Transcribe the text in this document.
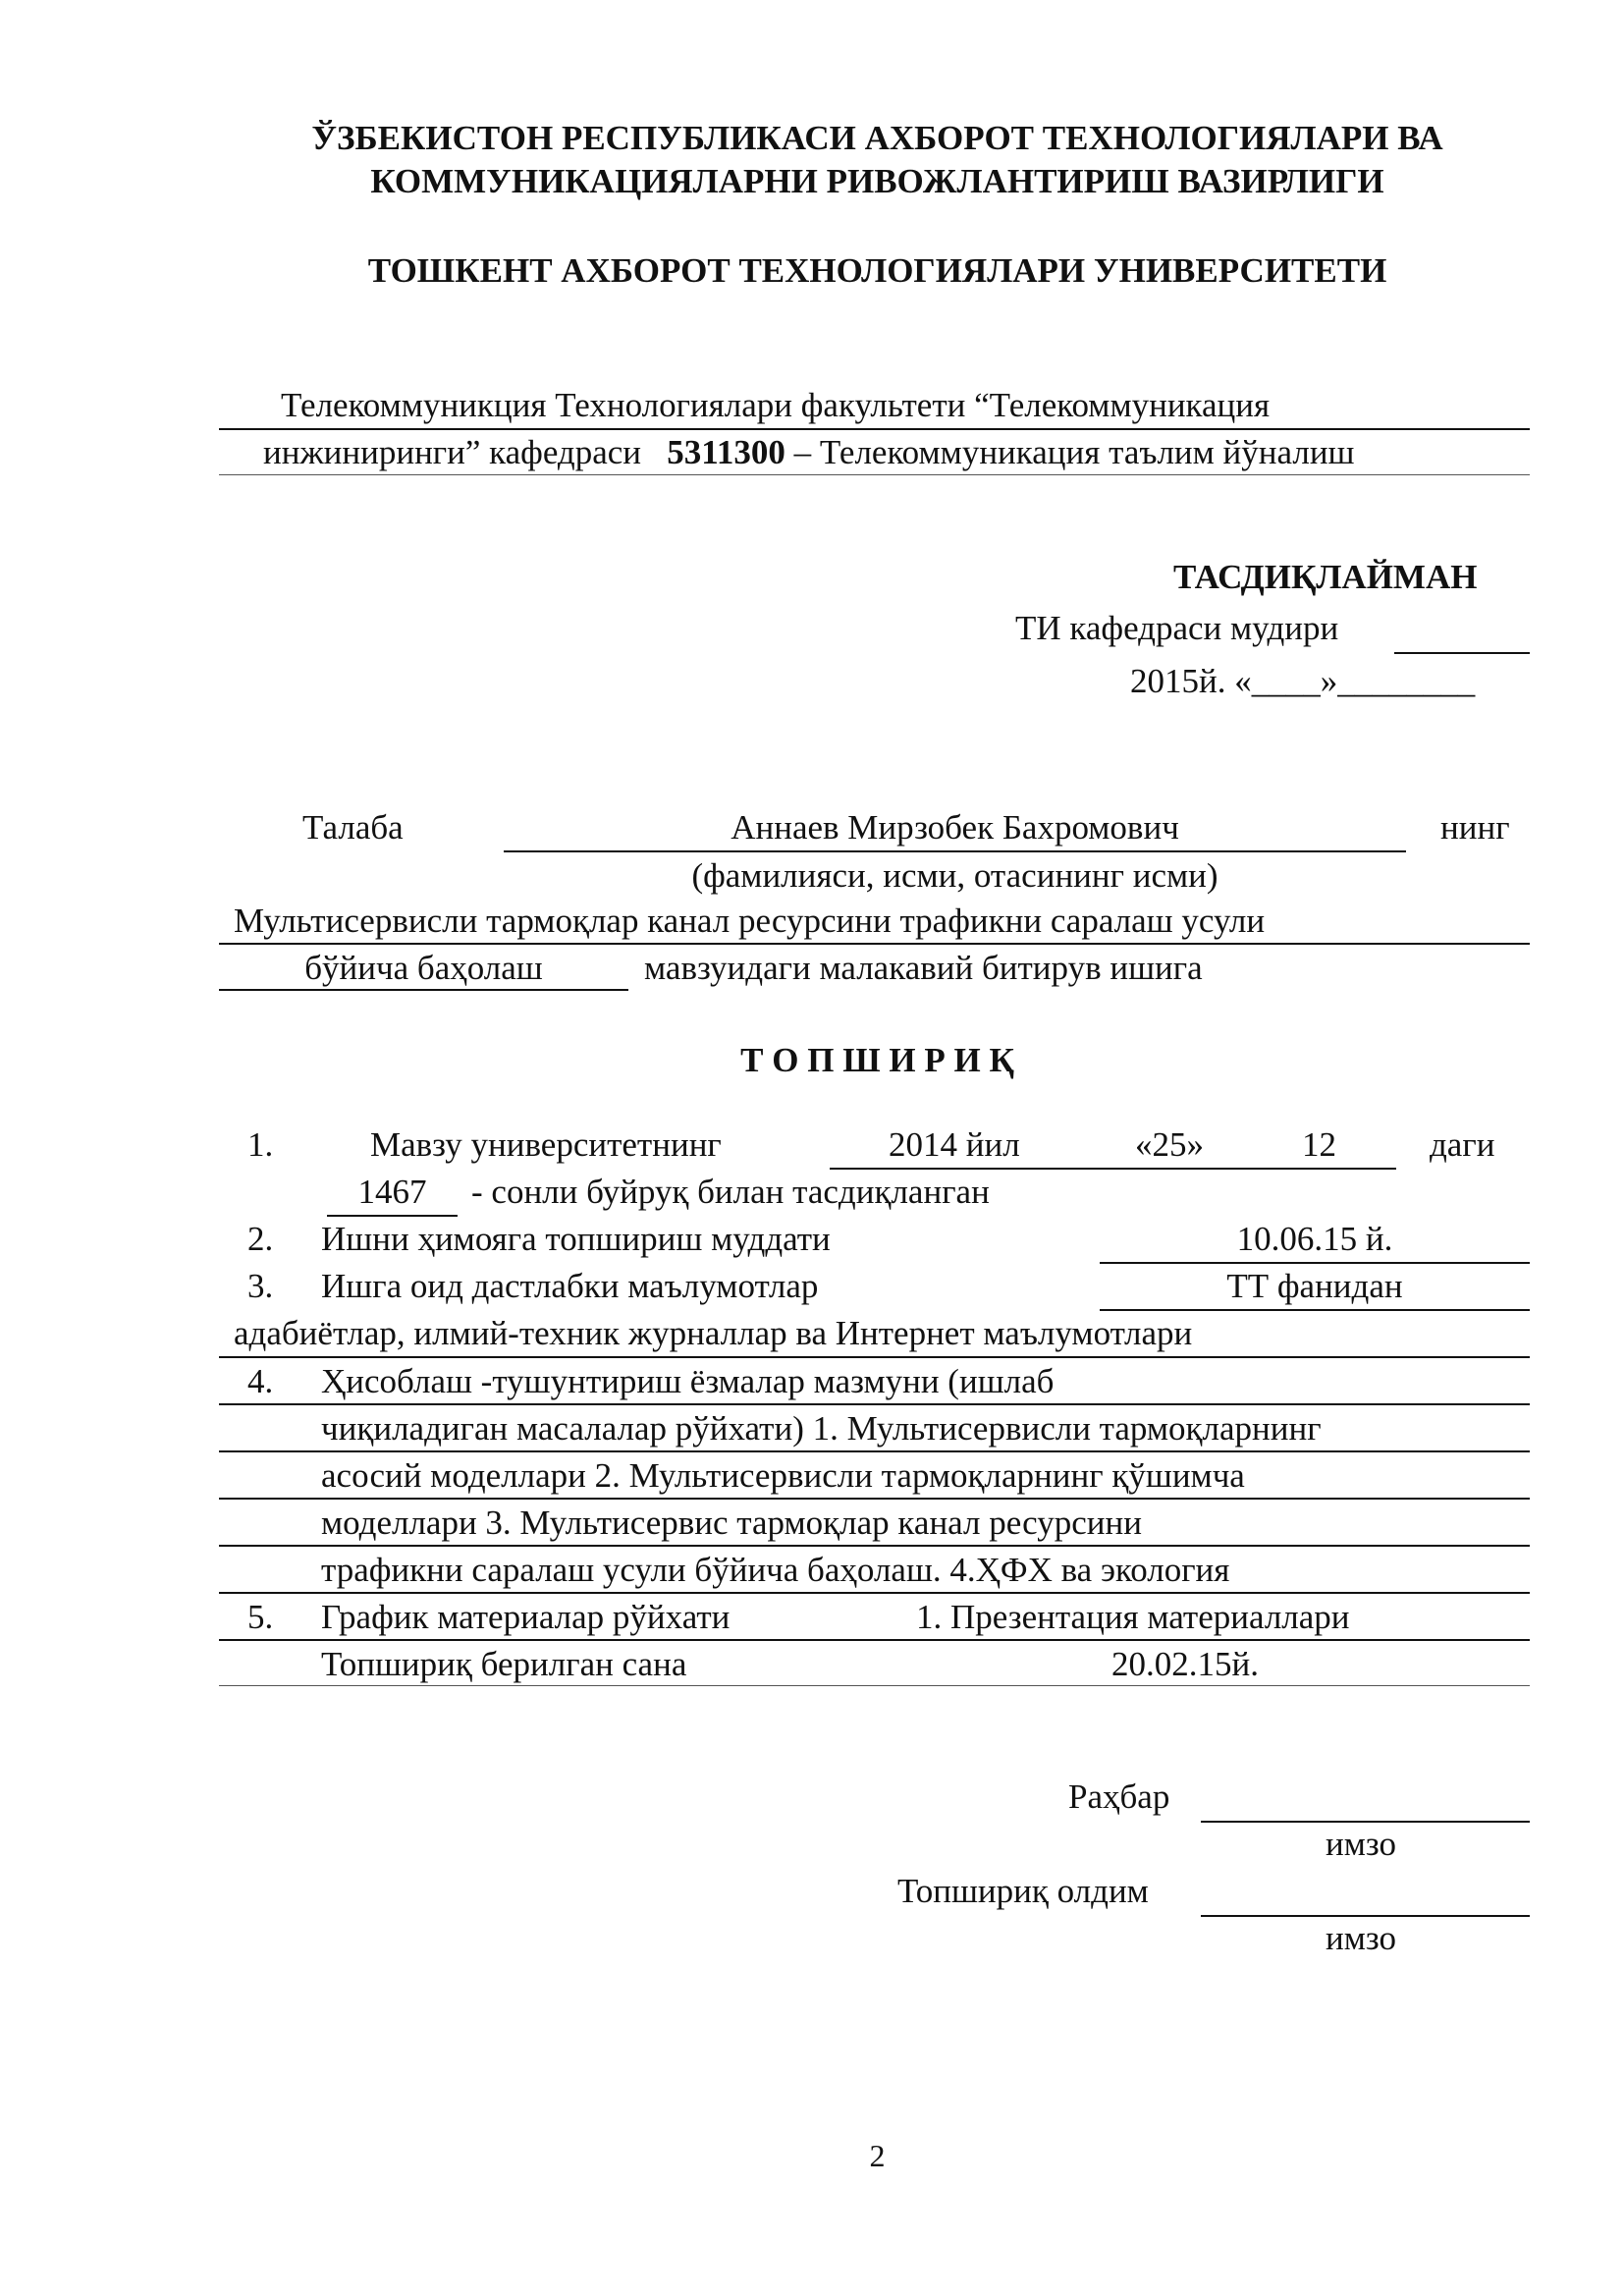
ЎЗБЕКИСТОН РЕСПУБЛИКАСИ АХБОРОТ ТЕХНОЛОГИЯЛАРИ ВА
КОММУНИКАЦИЯЛАРНИ РИВОЖЛАНТИРИШ ВАЗИРЛИГИ
ТОШКЕНТ АХБОРОТ ТЕХНОЛОГИЯЛАРИ УНИВЕРСИТЕТИ
Телекоммуникция Технологиялари факультети “Телекоммуникация
инжиниринги” кафедраси 5311300 – Телекоммуникация таълим йўналиш
ТАСДИҚЛАЙМАН
ТИ кафедраси мудири
2015й. «____»________
Талаба	Аннаев Мирзобек Бахромович	нинг
(фамилияси, исми, отасининг исми)
Мультисервисли тармоқлар канал ресурсини трафикни саралаш усули
бўйича баҳолаш	мавзуидаги малакавий битирув ишига
Т О П Ш И Р И Қ
1.	Мавзу университетнинг	2014 йил	«25»	12	даги
1467	- сонли буйруқ билан тасдиқланган
2. Ишни ҳимояга топшириш муддати	10.06.15 й.
3. Ишга оид дастлабки маълумотлар	ТТ фанидан
адабиётлар, илмий-техник журналлар ва Интернет маълумотлари
4. Ҳисоблаш -тушунтириш ёзмалар мазмуни (ишлаб
чиқиладиган масалалар рўйхати) 1. Мультисервисли тармоқларнинг
асосий моделлари 2. Мультисервисли тармоқларнинг қўшимча
моделлари 3. Мультисервис тармоқлар канал ресурсини
трафикни саралаш усули бўйича баҳолаш. 4.ҲФХ ва экология
5. График материалар рўйхати	1. Презентация материаллари
Топшириқ берилган сана	20.02.15й.
Раҳбар
имзо
Топшириқ олдим
имзо
2
